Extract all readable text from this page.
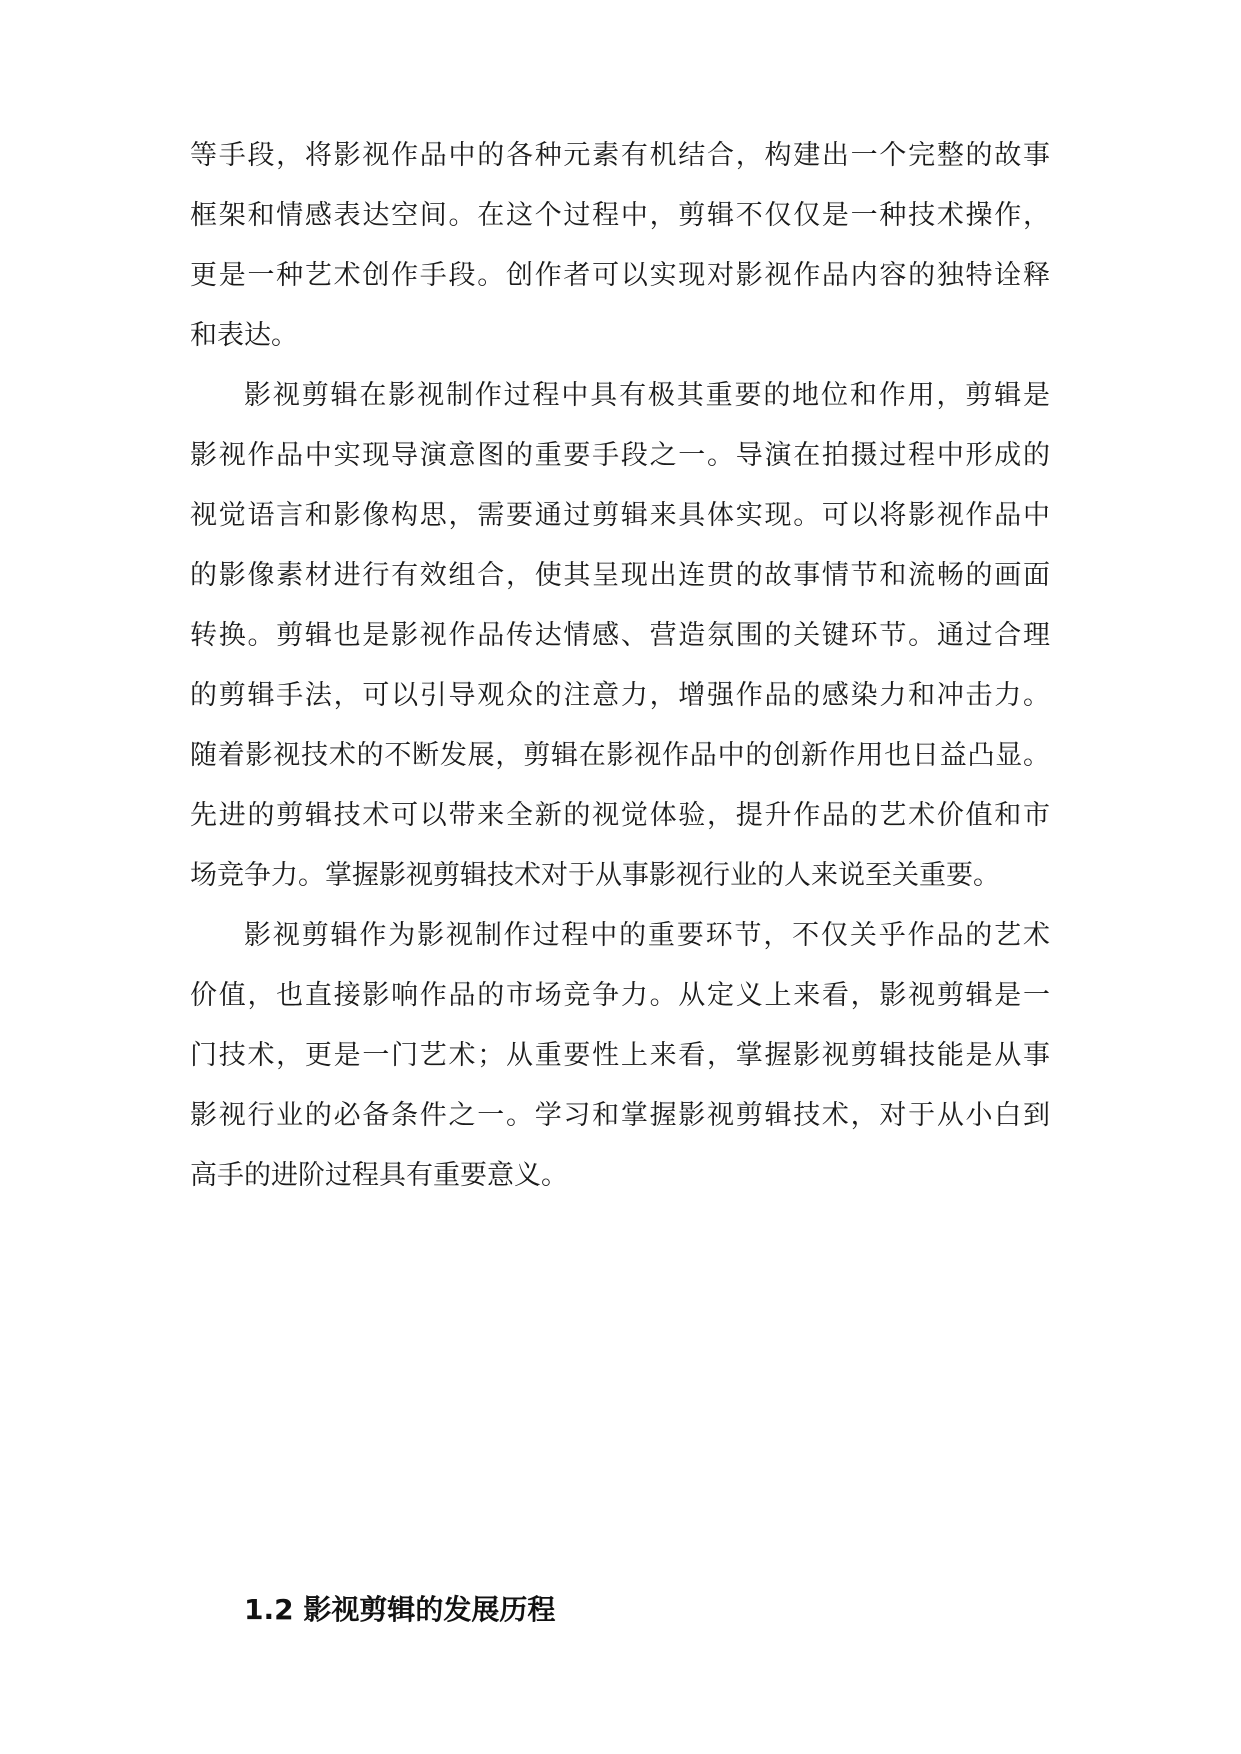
等手段，将影视作品中的各种元素有机结合，构建出一个完整的故事
框架和情感表达空间。在这个过程中，剪辑不仅仅是一种技术操作，
更是一种艺术创作手段。创作者可以实现对影视作品内容的独特诠释
和表达。
影视剪辑在影视制作过程中具有极其重要的地位和作用，剪辑是
影视作品中实现导演意图的重要手段之一。导演在拍摄过程中形成的
视觉语言和影像构思，需要通过剪辑来具体实现。可以将影视作品中
的影像素材进行有效组合，使其呈现出连贯的故事情节和流畅的画面
转换。剪辑也是影视作品传达情感、营造氛围的关键环节。通过合理
的剪辑手法，可以引导观众的注意力，增强作品的感染力和冲击力。
随着影视技术的不断发展，剪辑在影视作品中的创新作用也日益凸显。
先进的剪辑技术可以带来全新的视觉体验，提升作品的艺术价值和市
场竞争力。掌握影视剪辑技术对于从事影视行业的人来说至关重要。
影视剪辑作为影视制作过程中的重要环节，不仅关乎作品的艺术
价值，也直接影响作品的市场竞争力。从定义上来看，影视剪辑是一
门技术，更是一门艺术；从重要性上来看，掌握影视剪辑技能是从事
影视行业的必备条件之一。学习和掌握影视剪辑技术，对于从小白到
高手的进阶过程具有重要意义。
1.2 影视剪辑的发展历程
